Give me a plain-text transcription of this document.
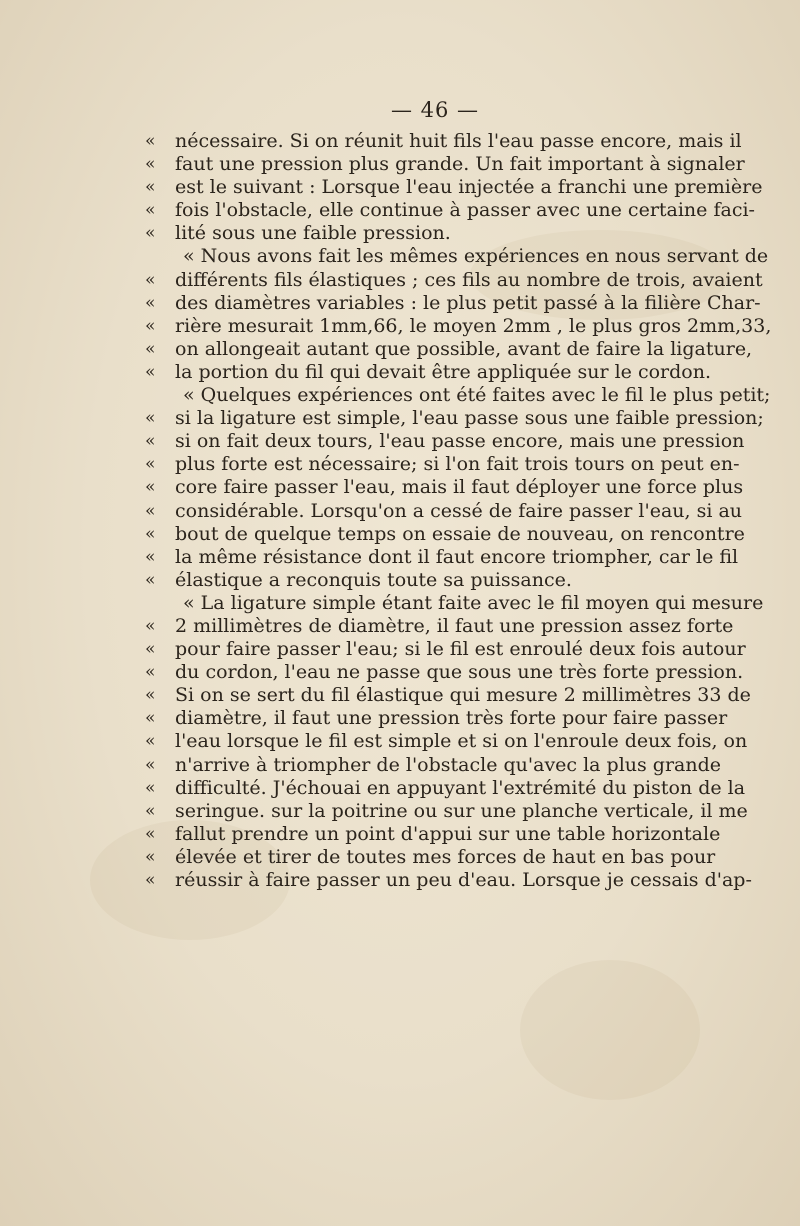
— 46 —
« nécessaire. Si on réunit huit fils l'eau passe encore, mais il
« faut une pression plus grande. Un fait important à signaler
« est le suivant : Lorsque l'eau injectée a franchi une première
« fois l'obstacle, elle continue à passer avec une certaine faci-
« lité sous une faible pression.
« Nous avons fait les mêmes expériences en nous servant de
« différents fils élastiques ; ces fils au nombre de trois, avaient
« des diamètres variables : le plus petit passé à la filière Char-
« rière mesurait 1mm,66, le moyen 2mm , le plus gros 2mm,33,
« on allongeait autant que possible, avant de faire la ligature,
« la portion du fil qui devait être appliquée sur le cordon.
« Quelques expériences ont été faites avec le fil le plus petit;
« si la ligature est simple, l'eau passe sous une faible pression;
« si on fait deux tours, l'eau passe encore, mais une pression
« plus forte est nécessaire; si l'on fait trois tours on peut en-
« core faire passer l'eau, mais il faut déployer une force plus
« considérable. Lorsqu'on a cessé de faire passer l'eau, si au
« bout de quelque temps on essaie de nouveau, on rencontre
« la même résistance dont il faut encore triompher, car le fil
« élastique a reconquis toute sa puissance.
« La ligature simple étant faite avec le fil moyen qui mesure
« 2 millimètres de diamètre, il faut une pression assez forte
« pour faire passer l'eau; si le fil est enroulé deux fois autour
« du cordon, l'eau ne passe que sous une très forte pression.
« Si on se sert du fil élastique qui mesure 2 millimètres 33 de
« diamètre, il faut une pression très forte pour faire passer
« l'eau lorsque le fil est simple et si on l'enroule deux fois, on
« n'arrive à triompher de l'obstacle qu'avec la plus grande
« difficulté. J'échouai en appuyant l'extrémité du piston de la
« seringue. sur la poitrine ou sur une planche verticale, il me
« fallut prendre un point d'appui sur une table horizontale
« élevée et tirer de toutes mes forces de haut en bas pour
« réussir à faire passer un peu d'eau. Lorsque je cessais d'ap-
